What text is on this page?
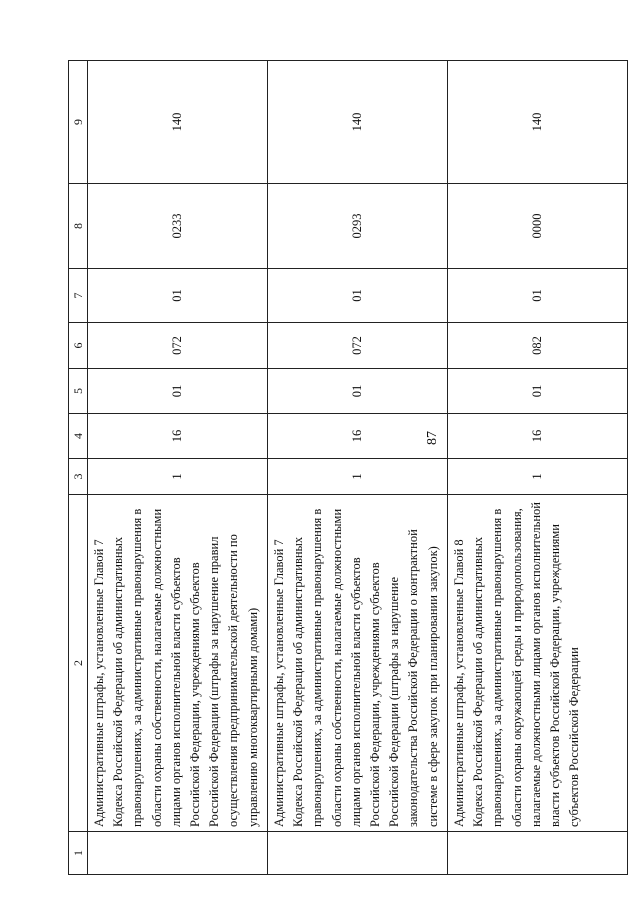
87
1	2	3	4	5	6	7	8	9
	Административные штрафы, установленные Главой 7 Кодекса Российской Федерации об административных правонарушениях, за административные правонарушения в области охраны собственности, налагаемые должностными лицами органов исполнительной власти субъектов Российской Федерации, учреждениями субъектов Российской Федерации (штрафы за нарушение правил осуществления предпринимательской деятельности по управлению многоквартирными домами)	1	16	01	072	01	0233	140
	Административные штрафы, установленные Главой 7 Кодекса Российской Федерации об административных правонарушениях, за административные правонарушения в области охраны собственности, налагаемые должностными лицами органов исполнительной власти субъектов Российской Федерации, учреждениями субъектов Российской Федерации (штрафы за нарушение законодательства Российской Федерации о контрактной системе в сфере закупок при планировании закупок)	1	16	01	072	01	0293	140
	Административные штрафы, установленные Главой 8 Кодекса Российской Федерации об административных правонарушениях, за административные правонарушения в области охраны окружающей среды и природопользования, налагаемые должностными лицами органов исполнительной власти субъектов Российской Федерации, учреждениями субъектов Российской Федерации	1	16	01	082	01	0000	140
